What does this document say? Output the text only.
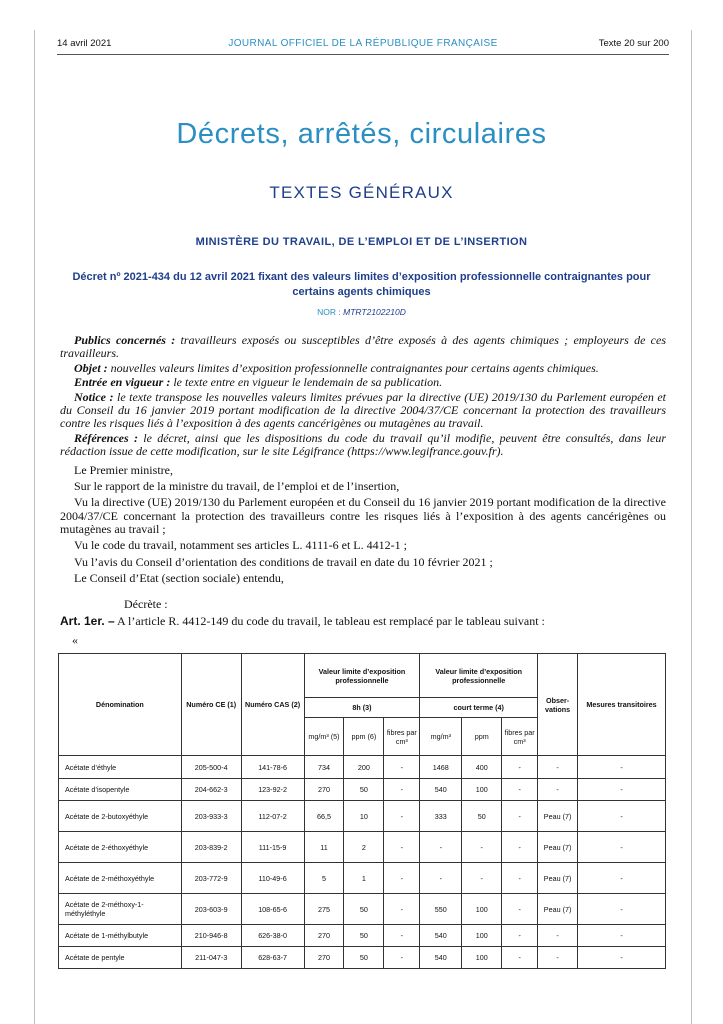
14 avril 2021	JOURNAL OFFICIEL DE LA RÉPUBLIQUE FRANÇAISE	Texte 20 sur 200
Décrets, arrêtés, circulaires
TEXTES GÉNÉRAUX
MINISTÈRE DU TRAVAIL, DE L’EMPLOI ET DE L’INSERTION
Décret nº 2021-434 du 12 avril 2021 fixant des valeurs limites d’exposition professionnelle contraignantes pour certains agents chimiques
NOR : MTRT2102210D

Publics concernés : travailleurs exposés ou susceptibles d’être exposés à des agents chimiques ; employeurs de ces travailleurs.

Objet : nouvelles valeurs limites d’exposition professionnelle contraignantes pour certains agents chimiques.

Entrée en vigueur : le texte entre en vigueur le lendemain de sa publication.

Notice : le texte transpose les nouvelles valeurs limites prévues par la directive (UE) 2019/130 du Parlement européen et du Conseil du 16 janvier 2019 portant modification de la directive 2004/37/CE concernant la protection des travailleurs contre les risques liés à l’exposition à des agents cancérigènes ou mutagènes au travail.

Références : le décret, ainsi que les dispositions du code du travail qu’il modifie, peuvent être consultés, dans leur rédaction issue de cette modification, sur le site Légifrance (https://www.legifrance.gouv.fr).

Le Premier ministre,

Sur le rapport de la ministre du travail, de l’emploi et de l’insertion,

Vu la directive (UE) 2019/130 du Parlement européen et du Conseil du 16 janvier 2019 portant modification de la directive 2004/37/CE concernant la protection des travailleurs contre les risques liés à l’exposition à des agents cancérigènes ou mutagènes au travail ;

Vu le code du travail, notamment ses articles L. 4111-6 et L. 4412-1 ;

Vu l’avis du Conseil d’orientation des conditions de travail en date du 10 février 2021 ;

Le Conseil d’Etat (section sociale) entendu,

Décrète :
Art. 1er. – A l’article R. 4412-149 du code du travail, le tableau est remplacé par le tableau suivant :
«
Dénomination	Numéro CE (1)	Numéro CAS (2)	Valeur limite d’exposition professionnelle			Valeur limite d’exposition professionnelle			Obser-vations	Mesures transitoires
			8h (3)			court terme (4)				
			mg/m³ (5)	ppm (6)	fibres par cm³	mg/m³	ppm	fibres par cm³		
Acétate d’éthyle	205-500-4	141-78-6	734	200	-	1468	400	-	-	-
Acétate d’isopentyle	204-662-3	123-92-2	270	50	-	540	100	-	-	-
Acétate de 2-butoxyéthyle	203-933-3	112-07-2	66,5	10	-	333	50	-	Peau (7)	-
Acétate de 2-éthoxyéthyle	203-839-2	111-15-9	11	2	-	-	-	-	Peau (7)	-
Acétate de 2-méthoxyéthyle	203-772-9	110-49-6	5	1	-	-	-	-	Peau (7)	-
Acétate de 2-méthoxy-1-méthyléthyle	203-603-9	108-65-6	275	50	-	550	100	-	Peau (7)	-
Acétate de 1-méthylbutyle	210-946-8	626-38-0	270	50	-	540	100	-	-	-
Acétate de pentyle	211-047-3	628-63-7	270	50	-	540	100	-	-	-
